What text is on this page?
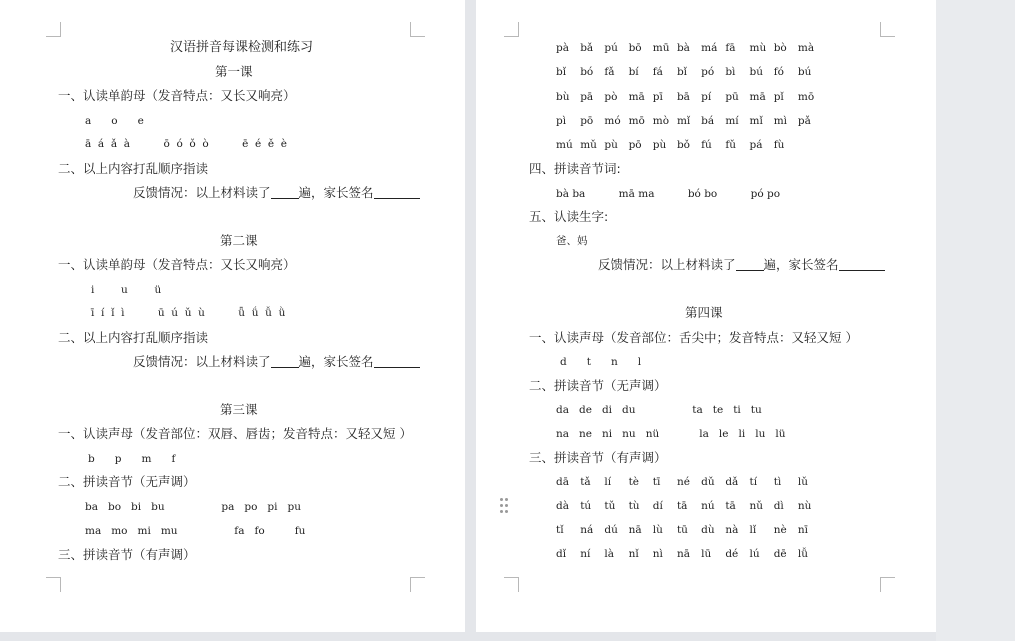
汉语拼音每课检测和练习
第一课
一、认读单韵母（发音特点：又长又响亮）
a      o      e
ā  á  ǎ  à          ō  ó  ǒ  ò          ē  é  ě  è
二、以上内容打乱顺序指读
反馈情况：以上材料读了 遍，家长签名
第二课
一、认读单韵母（发音特点：又长又响亮）
i        u        ü
ī  í  ǐ  ì          ū  ú  ǔ  ù          ǖ  ǘ  ǚ  ǜ
二、以上内容打乱顺序指读
反馈情况：以上材料读了 遍，家长签名
第三课
一、认读声母（发音部位：双唇、唇齿；发音特点：又轻又短 ）
b      p      m      f
二、拼读音节（无声调）
ba   bo   bi   bu                 pa   po   pi   pu
ma   mo   mi   mu                 fa   fo         fu
三、拼读音节（有声调）
pà	bǎ	pú	bō	mū bà	má fā	mù bò	mà
bǐ	bó	fǎ	bí	fá	bǐ	pó	bì	bú	fó	bú
bù	pā	pò	mā pī	bā	pí	pū	mā pǐ	mō
pì	pō	mó mō mò mǐ	bá	mí	mǐ	mì	pǎ
mú mǔ pù	pō	pù	bǒ	fú	fǔ	pá	fù
四、拼读音节词:
bà ba          mā ma          bó bo          pó po
五、认读生字:
爸、妈
反馈情况：以上材料读了 遍，家长签名
第四课
一、认读声母（发音部位：舌尖中；发音特点：又轻又短 ）
d      t      n      l
二、拼读音节（无声调）
da   de   di   du                 ta   te   ti   tu
na   ne   ni   nu   nü            la   le   li   lu   lü
三、拼读音节（有声调）
dā	tǎ	lí	tè	tī	né	dǔ	dǎ	tí	tì	lǔ
dà	tú	tǔ	tù	dí	tā	nú	tā	nǔ	dì	nù
tǐ	ná	dú	nā	lù	tū	dù	nà	lǐ	nè	nī
dǐ	ní	là	nǐ	nì	nā	lū	dé	lú	dē	lǚ
